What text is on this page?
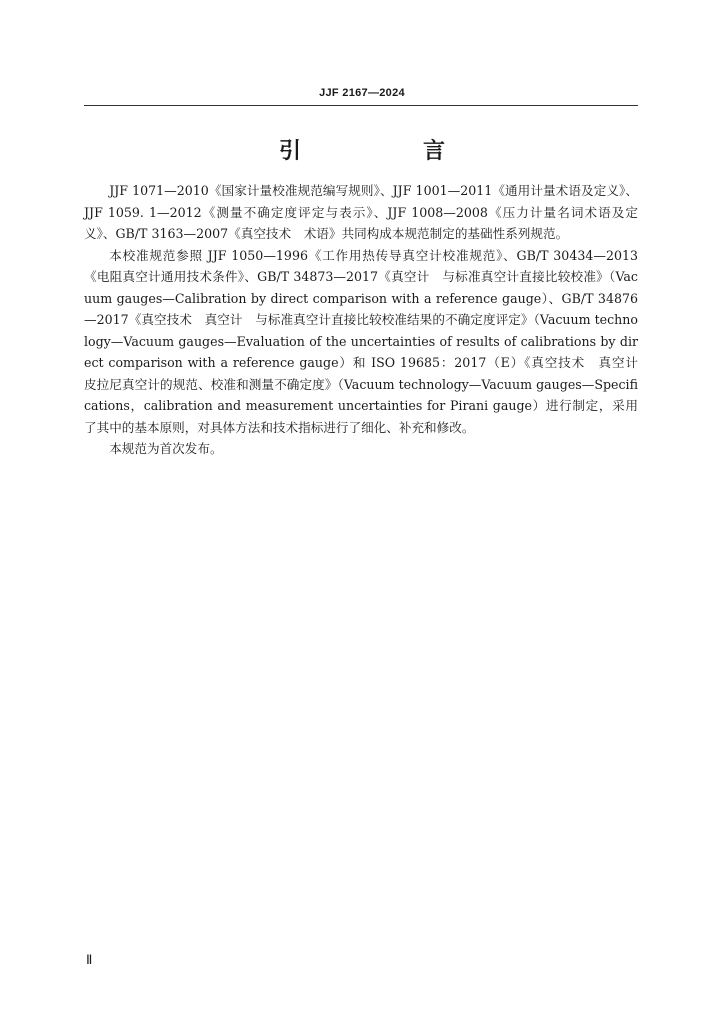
JJF 2167—2024
引　言

JJF 1071—2010《国家计量校准规范编写规则》、JJF 1001—2011《通用计量术语及定义》、JJF 1059. 1—2012《测量不确定度评定与表示》、JJF 1008—2008《压力计量名词术语及定义》、GB/T 3163—2007《真空技术　术语》共同构成本规范制定的基础性系列规范。

本校准规范参照 JJF 1050—1996《工作用热传导真空计校准规范》、GB/T 30434—2013《电阻真空计通用技术条件》、GB/T 34873—2017《真空计　与标准真空计直接比较校准》（Vacuum gauges—Calibration by direct comparison with a reference gauge）、GB/T 34876—2017《真空技术　真空计　与标准真空计直接比较校准结果的不确定度评定》（Vacuum technology—Vacuum gauges—Evaluation of the uncertainties of results of calibrations by direct comparison with a reference gauge）和 ISO 19685：2017（E）《真空技术　真空计　皮拉尼真空计的规范、校准和测量不确定度》（Vacuum technology—Vacuum gauges—Specifications，calibration and measurement uncertainties for Pirani gauge）进行制定，采用了其中的基本原则，对具体方法和技术指标进行了细化、补充和修改。

本规范为首次发布。

Ⅱ
